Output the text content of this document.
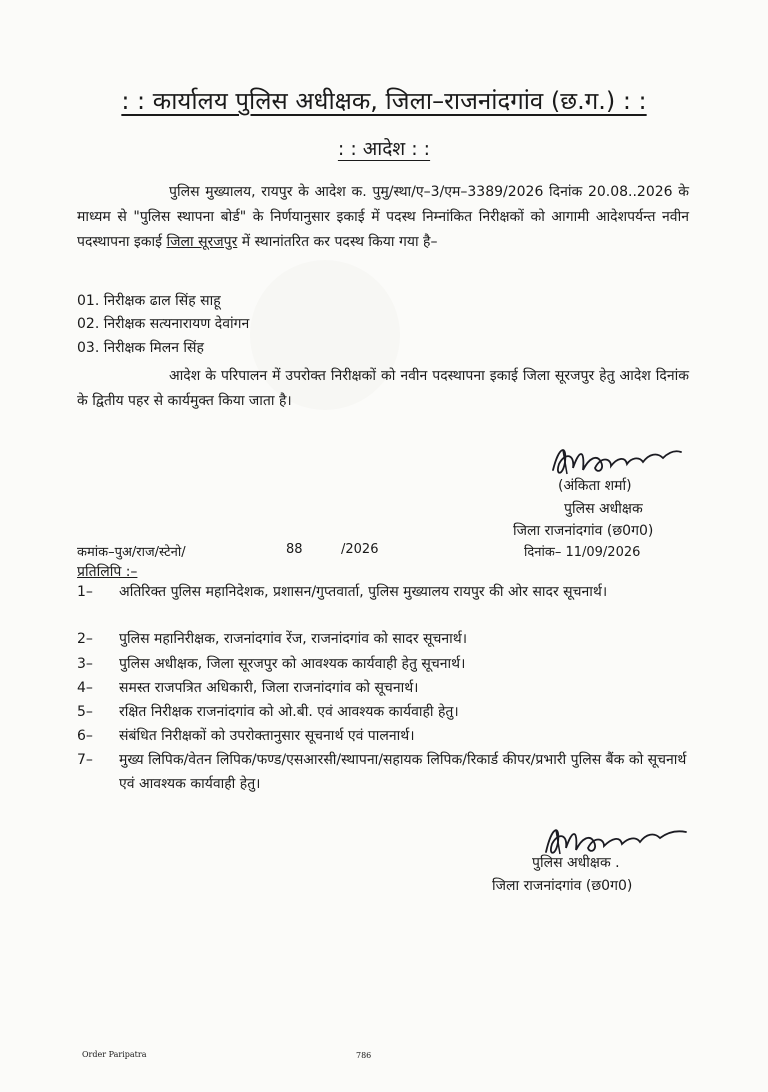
: : कार्यालय पुलिस अधीक्षक, जिला–राजनांदगांव (छ.ग.) : :
: : आदेश : :

पुलिस मुख्यालय, रायपुर के आदेश क. पुमु/स्था/ए–3/एम–3389/2026 दिनांक 20.08..2026 के माध्यम से "पुलिस स्थापना बोर्ड" के निर्णयानुसार इकाई में पदस्थ निम्नांकित निरीक्षकों को आगामी आदेशपर्यन्त नवीन पदस्थापना इकाई जिला सूरजपुर में स्थानांतरित कर पदस्थ किया गया है–

01. निरीक्षक ढाल सिंह साहू
02. निरीक्षक सत्यनारायण देवांगन
03. निरीक्षक मिलन सिंह

आदेश के परिपालन में उपरोक्त निरीक्षकों को नवीन पदस्थापना इकाई जिला सूरजपुर हेतु आदेश दिनांक के द्वितीय पहर से कार्यमुक्त किया जाता है।

(अंकिता शर्मा)
पुलिस अधीक्षक
जिला राजनांदगांव (छ0ग0)
कमांक–पुअ/राज/स्टेनो/	88	/2026	दिनांक– 11/09/2026
प्रतिलिपि :–
1–	अतिरिक्त पुलिस महानिदेशक, प्रशासन/गुप्तवार्ता, पुलिस मुख्यालय रायपुर की ओर सादर सूचनार्थ।
2–	पुलिस महानिरीक्षक, राजनांदगांव रेंज, राजनांदगांव को सादर सूचनार्थ।
3–	पुलिस अधीक्षक, जिला सूरजपुर को आवश्यक कार्यवाही हेतु सूचनार्थ।
4–	समस्त राजपत्रित अधिकारी, जिला राजनांदगांव को सूचनार्थ।
5–	रक्षित निरीक्षक राजनांदगांव को ओ.बी. एवं आवश्यक कार्यवाही हेतु।
6–	संबंधित निरीक्षकों को उपरोक्तानुसार सूचनार्थ एवं पालनार्थ।
7–	मुख्य लिपिक/वेतन लिपिक/फण्ड/एसआरसी/स्थापना/सहायक लिपिक/रिकार्ड कीपर/प्रभारी पुलिस बैंक को सूचनार्थ एवं आवश्यक कार्यवाही हेतु।
पुलिस अधीक्षक .
जिला राजनांदगांव (छ0ग0)
Order Paripatra	786
